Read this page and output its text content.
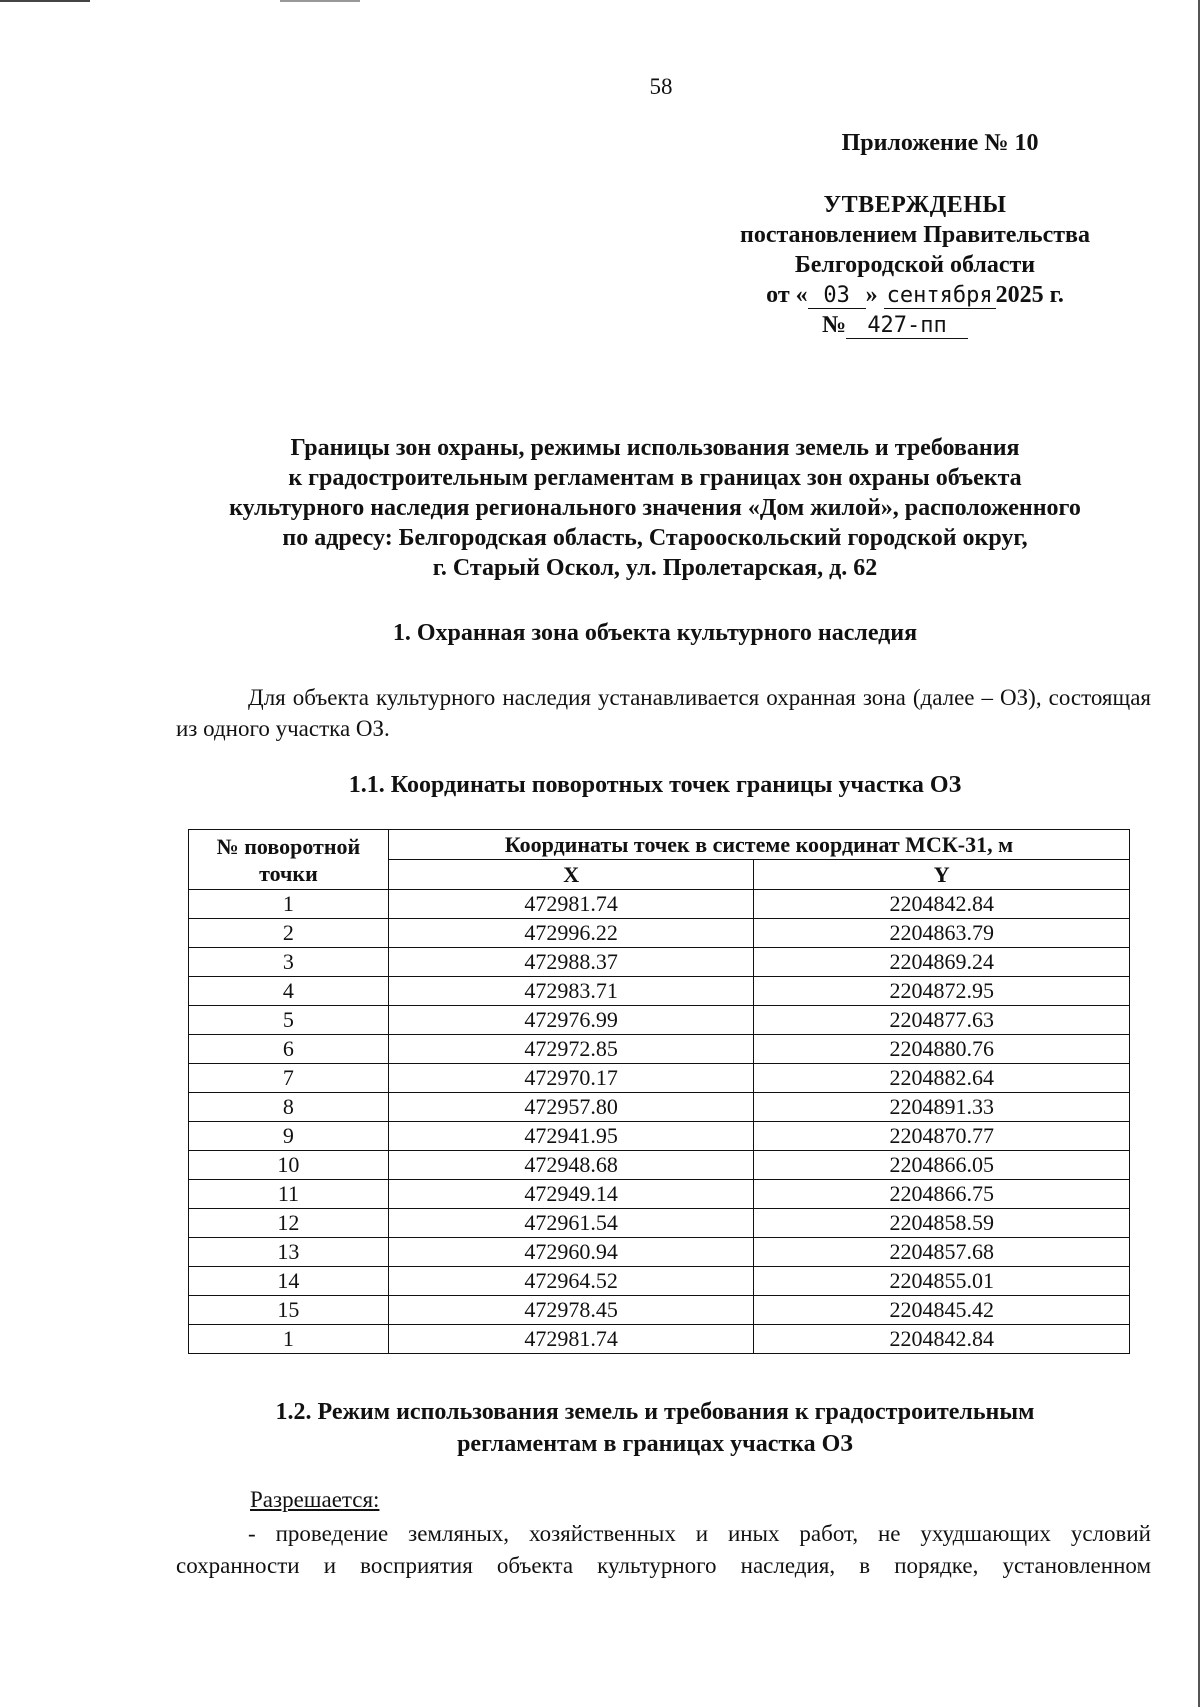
58
Приложение № 10
УТВЕРЖДЕНЫ
постановлением Правительства
Белгородской области
от « 03 » сентября 2025 г.
№ 427-пп
Границы зон охраны, режимы использования земель и требования
к градостроительным регламентам в границах зон охраны объекта
культурного наследия регионального значения «Дом жилой», расположенного
по адресу: Белгородская область, Старооскольский городской округ,
г. Старый Оскол, ул. Пролетарская, д. 62
1. Охранная зона объекта культурного наследия
Для объекта культурного наследия устанавливается охранная зона (далее – ОЗ), состоящая из одного участка ОЗ.
1.1. Координаты поворотных точек границы участка ОЗ
№ поворотной точки	Координаты точек в системе координат МСК-31, м	
	X	Y
1	472981.74	2204842.84
2	472996.22	2204863.79
3	472988.37	2204869.24
4	472983.71	2204872.95
5	472976.99	2204877.63
6	472972.85	2204880.76
7	472970.17	2204882.64
8	472957.80	2204891.33
9	472941.95	2204870.77
10	472948.68	2204866.05
11	472949.14	2204866.75
12	472961.54	2204858.59
13	472960.94	2204857.68
14	472964.52	2204855.01
15	472978.45	2204845.42
1	472981.74	2204842.84
1.2. Режим использования земель и требования к градостроительным
регламентам в границах участка ОЗ
Разрешается:
- проведение земляных, хозяйственных и иных работ, не ухудшающих условий
сохранности и восприятия объекта культурного наследия, в порядке, установленном
